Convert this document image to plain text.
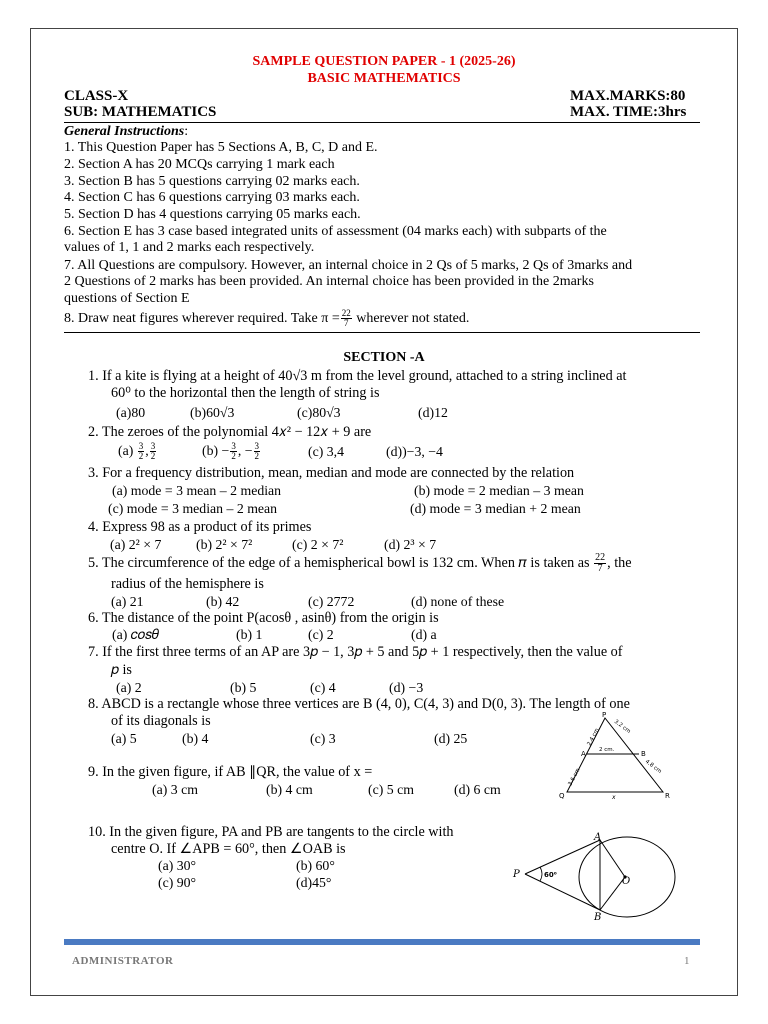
SAMPLE QUESTION PAPER - 1 (2025-26)
BASIC MATHEMATICS
CLASS-X	MAX.MARKS:80
SUB: MATHEMATICS	MAX. TIME:3hrs
General Instructions:
1. This Question Paper has 5 Sections A, B, C, D and E.
2. Section A has 20 MCQs carrying 1 mark each
3. Section B has 5 questions carrying 02 marks each.
4. Section C has 6 questions carrying 03 marks each.
5. Section D has 4 questions carrying 05 marks each.
6. Section E has 3 case based integrated units of assessment (04 marks each) with subparts of the
values of 1, 1 and 2 marks each respectively.
7. All Questions are compulsory. However, an internal choice in 2 Qs of 5 marks, 2 Qs of 3marks and
2 Questions of 2 marks has been provided. An internal choice has been provided in the 2marks
questions of Section E
8. Draw neat figures wherever required. Take $\pi = \frac{22}{7}$ wherever not stated.
SECTION -A
1. If a kite is flying at a height of 40√3 m from the level ground, attached to a string inclined at
60⁰ to the horizontal then the length of string is
(a)80	(b)60√3	(c)80√3	(d)12
2. The zeroes of the polynomial 4𝑥² − 12𝑥 + 9 are
$(a) \frac{3}{2}$ , $\frac{3}{2}$	$(b) - \frac{3}{2}$ , − $\frac{3}{2}$	(c) 3,4	(d))−3, −4
3. For a frequency distribution, mean, median and mode are connected by the relation
(a) mode = 3 mean – 2 median	(b) mode = 2 median – 3 mean
(c) mode = 3 median – 2 mean	(d) mode = 3 median + 2 mean
4. Express 98 as a product of its primes
(a) 2² × 7	(b) 2² × 7²	(c) 2 × 7²	(d) 2³ × 7
5. The circumference of the edge of a hemispherical bowl is 132 cm. When 𝜋 is taken as $\frac{22}{7}$ , the
radius of the hemisphere is
(a) 21	(b) 42	(c) 2772	(d) none of these
6. The distance of the point P(acosθ , asinθ) from the origin is
(a) 𝑐𝑜𝑠𝜃	(b) 1	(c) 2	(d) a
7. If the first three terms of an AP are 3𝑝 − 1, 3𝑝 + 5 and 5𝑝 + 1 respectively, then the value of
𝑝 is
(a) 2	(b) 5	(c) 4	(d) −3
8. ABCD is a rectangle whose three vertices are B (4, 0), C(4, 3) and D(0, 3). The length of one
of its diagonals is
(a) 5	(b) 4	(c) 3	(d) 25
9. In the given figure, if AB ∥QR, the value of x =
(a) 3 cm	(b) 4 cm	(c) 5 cm	(d) 6 cm
P
A	B
Q	R
2 cm.
x
2.4 cm
3.2 cm
3.6 cm
4.8 cm
10. In the given figure, PA and PB are tangents to the circle with
centre O. If ∠APB = 60°, then ∠OAB is
(a) 30°	(b) 60°
(c) 90°	(d)45°
P
A
B
O
60⁰
ADMINISTRATOR	1
